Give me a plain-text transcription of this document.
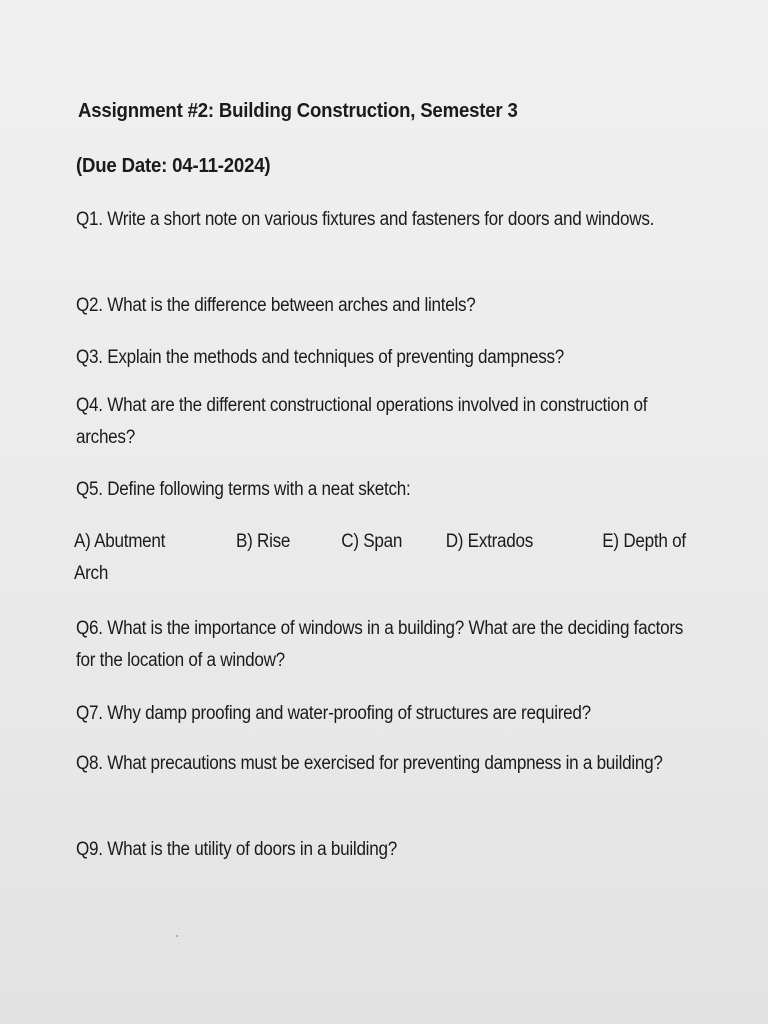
Assignment #2: Building Construction, Semester 3
(Due Date: 04-11-2024)

Q1. Write a short note on various fixtures and fasteners for doors and windows.

Q2. What is the difference between arches and lintels?

Q3. Explain the methods and techniques of preventing dampness?

Q4. What are the different constructional operations involved in construction of arches?

Q5. Define following terms with a neat sketch:

A) Abutment	B) Rise	C) Span D) Extrados	E) Depth of
Arch

Q6. What is the importance of windows in a building? What are the deciding factors for the location of a window?

Q7. Why damp proofing and water-proofing of structures are required?

Q8. What precautions must be exercised for preventing dampness in a building?

Q9. What is the utility of doors in a building?
